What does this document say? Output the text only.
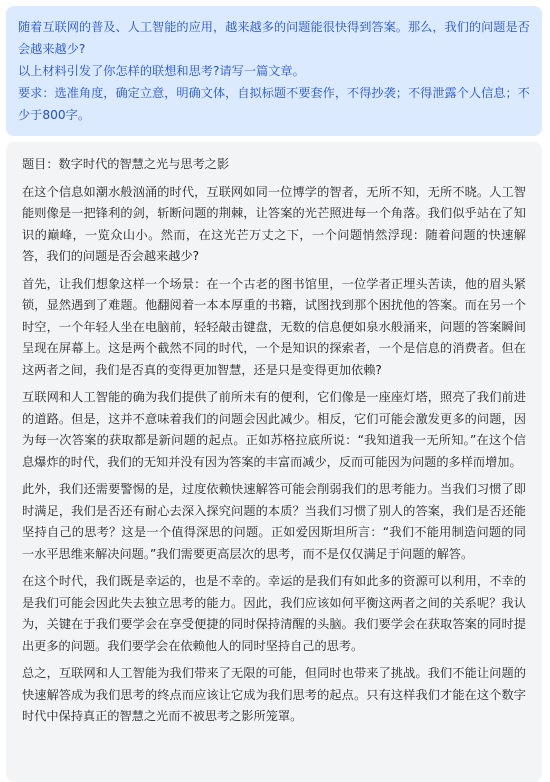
随着互联网的普及、人工智能的应用，越来越多的问题能很快得到答案。那么，我们的问题是否会越来越少?

以上材料引发了你怎样的联想和思考?请写一篇文章。

要求：选准角度，确定立意，明确文体，自拟标题不要套作，不得抄袭；不得泄露个人信息；不少于800字。

题目：数字时代的智慧之光与思考之影

在这个信息如潮水般汹涌的时代，互联网如同一位博学的智者，无所不知，无所不晓。人工智能则像是一把锋利的剑，斩断问题的荆棘，让答案的光芒照进每一个角落。我们似乎站在了知识的巅峰，一览众山小。然而，在这光芒万丈之下，一个问题悄然浮现：随着问题的快速解答，我们的问题是否会越来越少?

首先，让我们想象这样一个场景：在一个古老的图书馆里，一位学者正埋头苦读，他的眉头紧锁，显然遇到了难题。他翻阅着一本本厚重的书籍，试图找到那个困扰他的答案。而在另一个时空，一个年轻人坐在电脑前，轻轻敲击键盘，无数的信息便如泉水般涌来，问题的答案瞬间呈现在屏幕上。这是两个截然不同的时代，一个是知识的探索者，一个是信息的消费者。但在这两者之间，我们是否真的变得更加智慧，还是只是变得更加依赖?

互联网和人工智能的确为我们提供了前所未有的便利，它们像是一座座灯塔，照亮了我们前进的道路。但是，这并不意味着我们的问题会因此减少。相反，它们可能会激发更多的问题，因为每一次答案的获取都是新问题的起点。正如苏格拉底所说：“我知道我一无所知。”在这个信息爆炸的时代，我们的无知并没有因为答案的丰富而减少，反而可能因为问题的多样而增加。

此外，我们还需要警惕的是，过度依赖快速解答可能会削弱我们的思考能力。当我们习惯了即时满足，我们是否还有耐心去深入探究问题的本质？当我们习惯了别人的答案，我们是否还能坚持自己的思考？这是一个值得深思的问题。正如爱因斯坦所言：“我们不能用制造问题的同一水平思维来解决问题。”我们需要更高层次的思考，而不是仅仅满足于问题的解答。

在这个时代，我们既是幸运的，也是不幸的。幸运的是我们有如此多的资源可以利用，不幸的是我们可能会因此失去独立思考的能力。因此，我们应该如何平衡这两者之间的关系呢？我认为，关键在于我们要学会在享受便捷的同时保持清醒的头脑。我们要学会在获取答案的同时提出更多的问题。我们要学会在依赖他人的同时坚持自己的思考。

总之，互联网和人工智能为我们带来了无限的可能，但同时也带来了挑战。我们不能让问题的快速解答成为我们思考的终点而应该让它成为我们思考的起点。只有这样我们才能在这个数字时代中保持真正的智慧之光而不被思考之影所笼罩。
